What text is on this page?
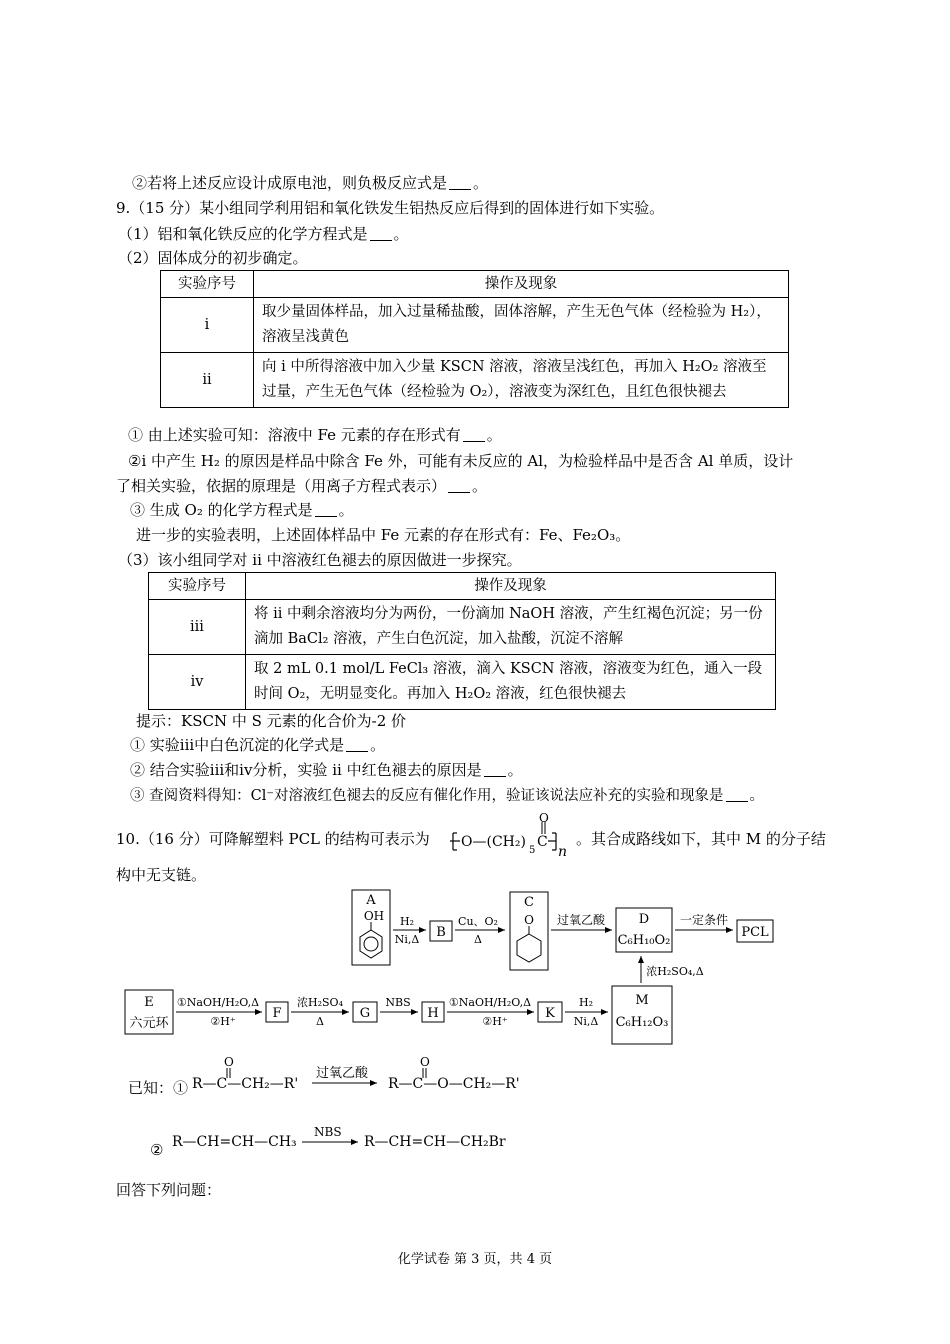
②若将上述反应设计成原电池，则负极反应式是 。
9.（15 分）某小组同学利用铝和氧化铁发生铝热反应后得到的固体进行如下实验。
（1）铝和氧化铁反应的化学方程式是 。
（2）固体成分的初步确定。
实验序号	操作及现象
i	取少量固体样品，加入过量稀盐酸，固体溶解，产生无色气体（经检验为 H₂），溶液呈浅黄色

ii	向 i 中所得溶液中加入少量 KSCN 溶液，溶液呈浅红色，再加入 H₂O₂ 溶液至过量，产生无色气体（经检验为 O₂），溶液变为深红色，且红色很快褪去
① 由上述实验可知：溶液中 Fe 元素的存在形式有 。
②i 中产生 H₂ 的原因是样品中除含 Fe 外，可能有未反应的 Al，为检验样品中是否含 Al 单质，设计
了相关实验，依据的原理是（用离子方程式表示） 。
③ 生成 O₂ 的化学方程式是 。
进一步的实验表明，上述固体样品中 Fe 元素的存在形式有：Fe、Fe₂O₃。
（3）该小组同学对 ii 中溶液红色褪去的原因做进一步探究。
实验序号	操作及现象
iii	将 ii 中剩余溶液均分为两份，一份滴加 NaOH 溶液，产生红褐色沉淀；另一份滴加 BaCl₂ 溶液，产生白色沉淀，加入盐酸，沉淀不溶解

iv	取 2 mL 0.1 mol/L FeCl₃ 溶液，滴入 KSCN 溶液，溶液变为红色，通入一段时间 O₂，无明显变化。再加入 H₂O₂ 溶液，红色很快褪去
提示：KSCN 中 S 元素的化合价为-2 价
① 实验iii中白色沉淀的化学式是 。
② 结合实验iii和iv分析，实验 ii 中红色褪去的原因是 。
③ 查阅资料得知：Cl⁻对溶液红色褪去的反应有催化作用，验证该说法应补充的实验和现象是 。
10.（16 分）可降解塑料 PCL 的结构可表示为 O—(CH₂)
5
C
O
n
。其合成路线如下，其中 M 的分子结
构中无支链。
A
OH H₂
Ni,Δ B
Cu、O₂
Δ
C
O 过氧乙酸	D
C₆H₁₀O₂
一定条件
PCL
浓H₂SO₄,Δ
E
六元环
①NaOH/H₂O,Δ
②H⁺
F
浓H₂SO₄
Δ
G
NBS
H
①NaOH/H₂O,Δ
②H⁺
K
H₂
Ni,Δ
M
C₆H₁₂O₃
已知：① R—C—CH₂—R'
O
过氧乙酸
R—C—O—CH₂—R'
O
② R—CH=CH—CH₃
NBS
R—CH=CH—CH₂Br
回答下列问题：
化学试卷 第 3 页，共 4 页
